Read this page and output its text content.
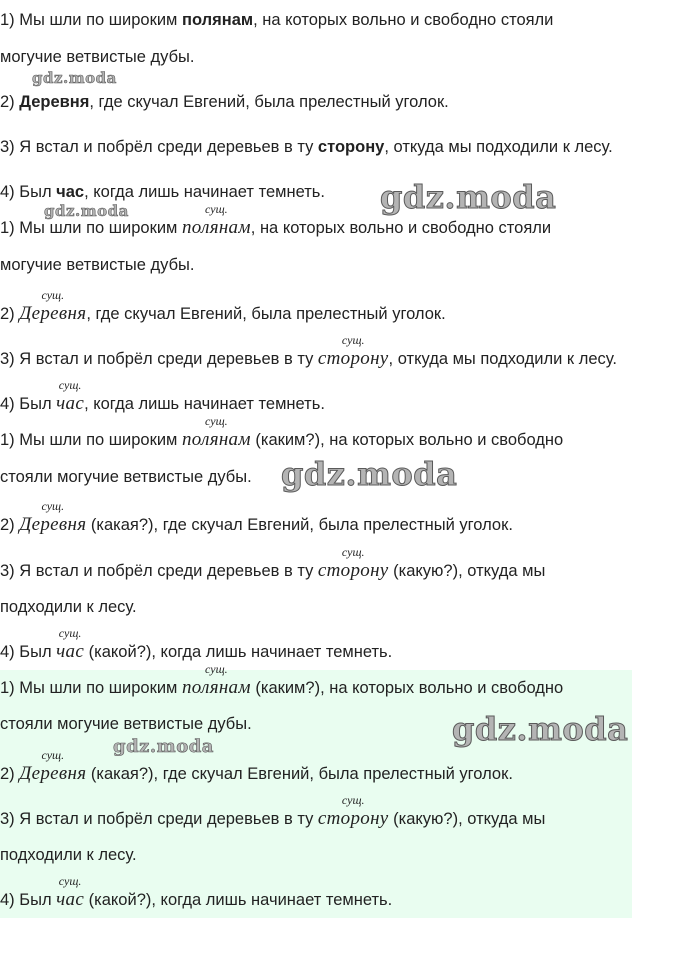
1) Мы шли по широким полянам, на которых вольно и свободно стояли
могучие ветвистые дубы.
2) Деревня, где скучал Евгений, была прелестный уголок.
3) Я встал и побрёл среди деревьев в ту сторону, откуда мы подходили к лесу.
4) Был час, когда лишь начинает темнеть.
1) Мы шли по широким
сущ.
полянам, на которых вольно и свободно стояли
могучие ветвистые дубы.
2)
сущ.
Деревня, где скучал Евгений, была прелестный уголок.
3) Я встал и побрёл среди деревьев в ту
сущ.
сторону, откуда мы подходили к лесу.
4) Был
сущ.
час, когда лишь начинает темнеть.
1) Мы шли по широким
сущ.
полянам (каким?), на которых вольно и свободно
стояли могучие ветвистые дубы.
2)
сущ.
Деревня (какая?), где скучал Евгений, была прелестный уголок.
3) Я встал и побрёл среди деревьев в ту
сущ.
сторону (какую?), откуда мы
подходили к лесу.
4) Был
сущ.
час (какой?), когда лишь начинает темнеть.
1) Мы шли по широким
сущ.
полянам (каким?), на которых вольно и свободно
стояли могучие ветвистые дубы.
2)
сущ.
Деревня (какая?), где скучал Евгений, была прелестный уголок.
3) Я встал и побрёл среди деревьев в ту
сущ.
сторону (какую?), откуда мы
подходили к лесу.
4) Был
сущ.
час (какой?), когда лишь начинает темнеть.
gdz.moda
gdz.moda
gdz.moda
gdz.moda
gdz.moda
gdz.moda
